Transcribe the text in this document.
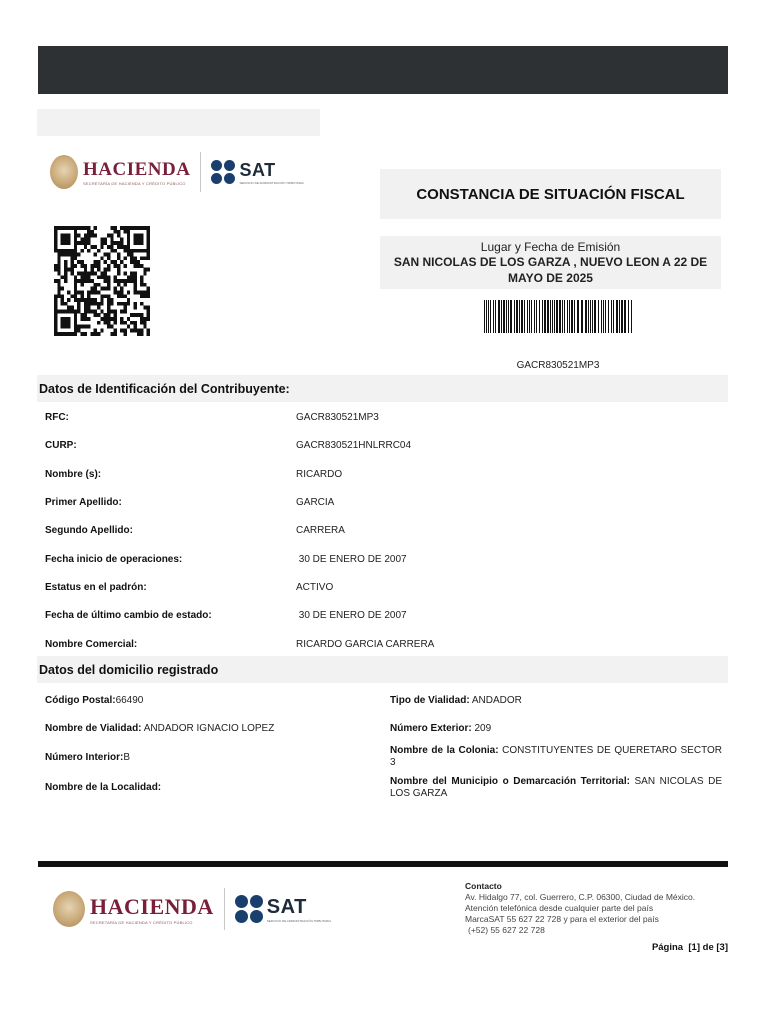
HACIENDA
SECRETARÍA DE HACIENDA Y CRÉDITO PÚBLICO
SAT
SERVICIO DE ADMINISTRACIÓN TRIBUTARIA
CONSTANCIA DE SITUACIÓN FISCAL
Lugar y Fecha de Emisión
SAN NICOLAS DE LOS GARZA , NUEVO LEON A 22 DE MAYO DE 2025
GACR830521MP3
Datos de Identificación del Contribuyente:
RFC:	GACR830521MP3
CURP:	GACR830521HNLRRC04
Nombre (s):	RICARDO
Primer Apellido:	GARCIA
Segundo Apellido:	CARRERA
Fecha inicio de operaciones:	30 DE ENERO DE 2007
Estatus en el padrón:	ACTIVO
Fecha de último cambio de estado:	30 DE ENERO DE 2007
Nombre Comercial:	RICARDO GARCIA CARRERA
Datos del domicilio registrado
Código Postal:66490
Nombre de Vialidad: ANDADOR IGNACIO LOPEZ
Número Interior:B
Nombre de la Localidad:
Tipo de Vialidad: ANDADOR
Número Exterior: 209
Nombre de la Colonia: CONSTITUYENTES DE QUERETARO SECTOR 3
Nombre del Municipio o Demarcación Territorial: SAN NICOLAS DE LOS GARZA
HACIENDA
SECRETARÍA DE HACIENDA Y CRÉDITO PÚBLICO
SAT
SERVICIO DE ADMINISTRACIÓN TRIBUTARIA
Contacto
Av. Hidalgo 77, col. Guerrero, C.P. 06300, Ciudad de México.
Atención telefónica desde cualquier parte del país
MarcaSAT 55 627 22 728 y para el exterior del país
(+52) 55 627 22 728
Página [1] de [3]
